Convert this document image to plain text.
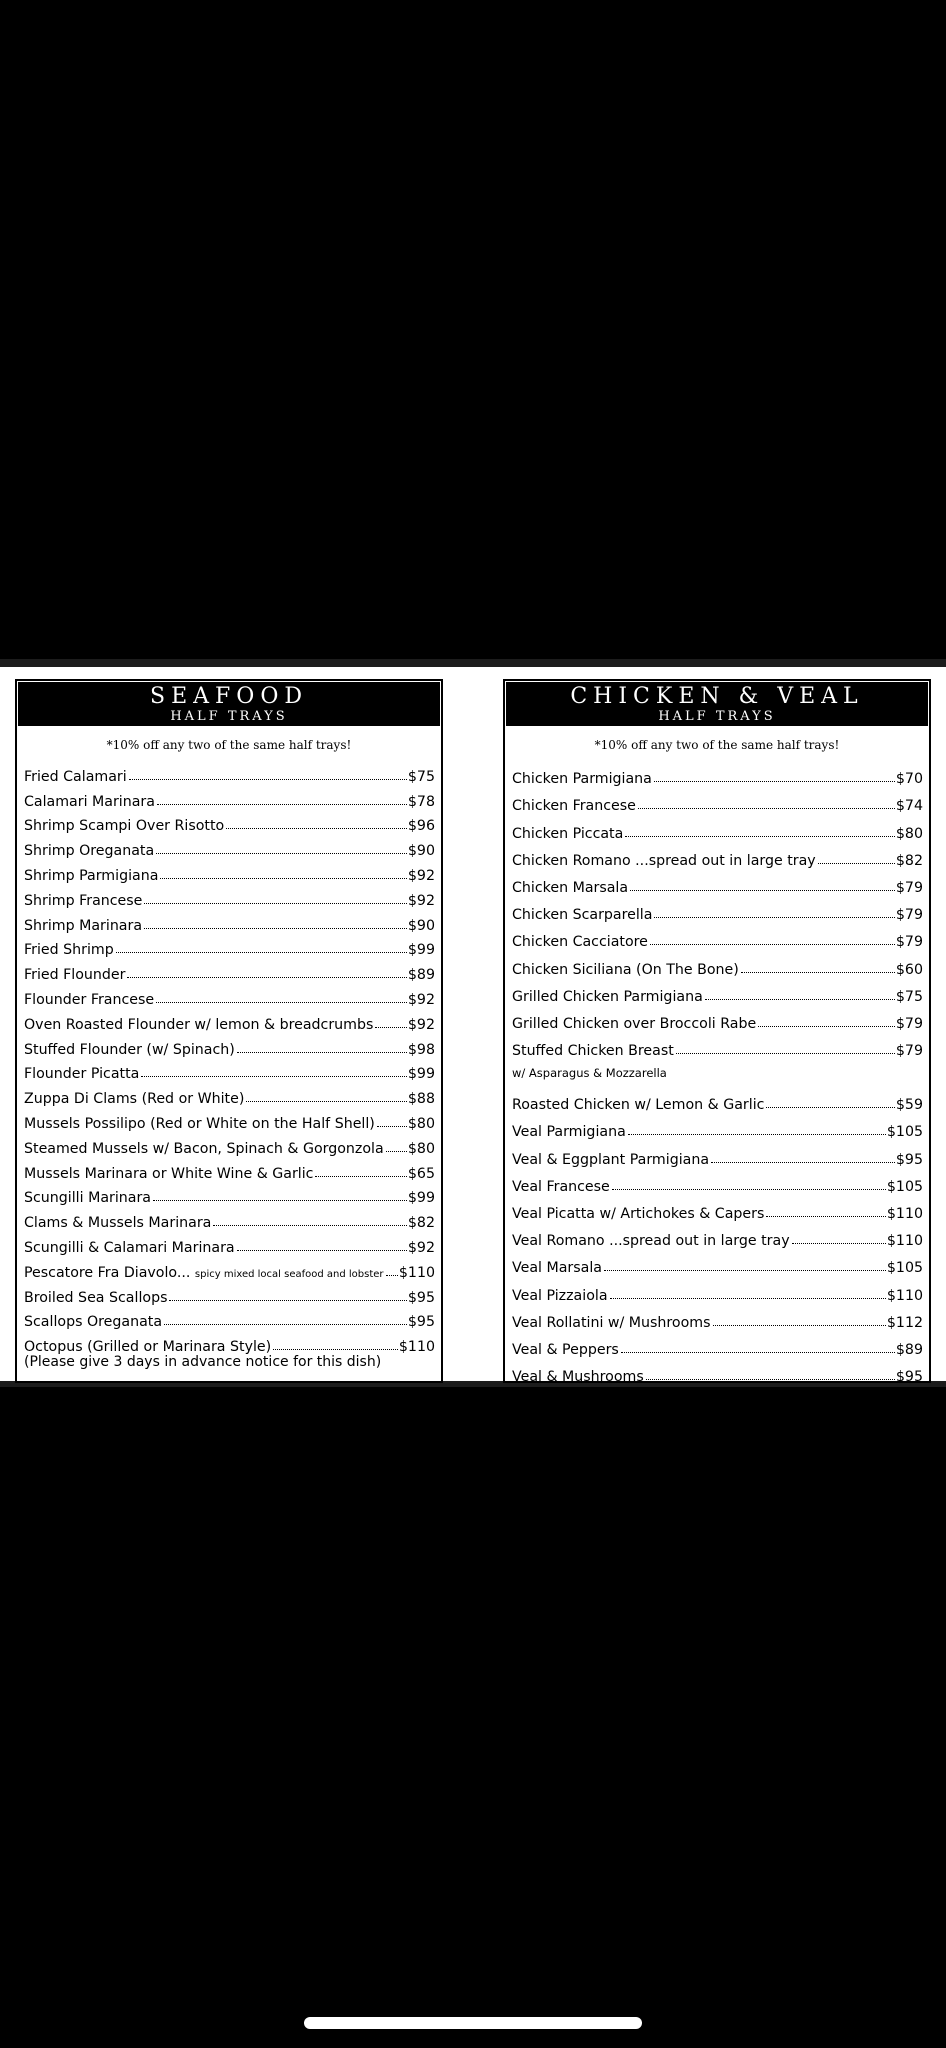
SEAFOOD
HALF TRAYS
*10% off any two of the same half trays!
Fried Calamari	$75
Calamari Marinara	$78
Shrimp Scampi Over Risotto	$96
Shrimp Oreganata	$90
Shrimp Parmigiana	$92
Shrimp Francese	$92
Shrimp Marinara	$90
Fried Shrimp	$99
Fried Flounder	$89
Flounder Francese	$92
Oven Roasted Flounder w/ lemon & breadcrumbs $92
Stuffed Flounder (w/ Spinach)	$98
Flounder Picatta	$99
Zuppa Di Clams (Red or White)	$88
Mussels Possilipo (Red or White on the Half Shell) $80
Steamed Mussels w/ Bacon, Spinach & Gorgonzola $80
Mussels Marinara or White Wine & Garlic	$65
Scungilli Marinara	$99
Clams & Mussels Marinara	$82
Scungilli & Calamari Marinara	$92
Pescatore Fra Diavolo... spicy mixed local seafood and lobster $110
Broiled Sea Scallops	$95
Scallops Oreganata	$95
Octopus (Grilled or Marinara Style)	$110
(Please give 3 days in advance notice for this dish)
CHICKEN & VEAL
HALF TRAYS
*10% off any two of the same half trays!
Chicken Parmigiana	$70
Chicken Francese	$74
Chicken Piccata	$80
Chicken Romano ...spread out in large tray	$82
Chicken Marsala	$79
Chicken Scarparella	$79
Chicken Cacciatore	$79
Chicken Siciliana (On The Bone)	$60
Grilled Chicken Parmigiana	$75
Grilled Chicken over Broccoli Rabe	$79
Stuffed Chicken Breast	$79
w/ Asparagus & Mozzarella
Roasted Chicken w/ Lemon & Garlic	$59
Veal Parmigiana	$105
Veal & Eggplant Parmigiana	$95
Veal Francese	$105
Veal Picatta w/ Artichokes & Capers	$110
Veal Romano ...spread out in large tray	$110
Veal Marsala	$105
Veal Pizzaiola	$110
Veal Rollatini w/ Mushrooms	$112
Veal & Peppers	$89
Veal & Mushrooms	$95
